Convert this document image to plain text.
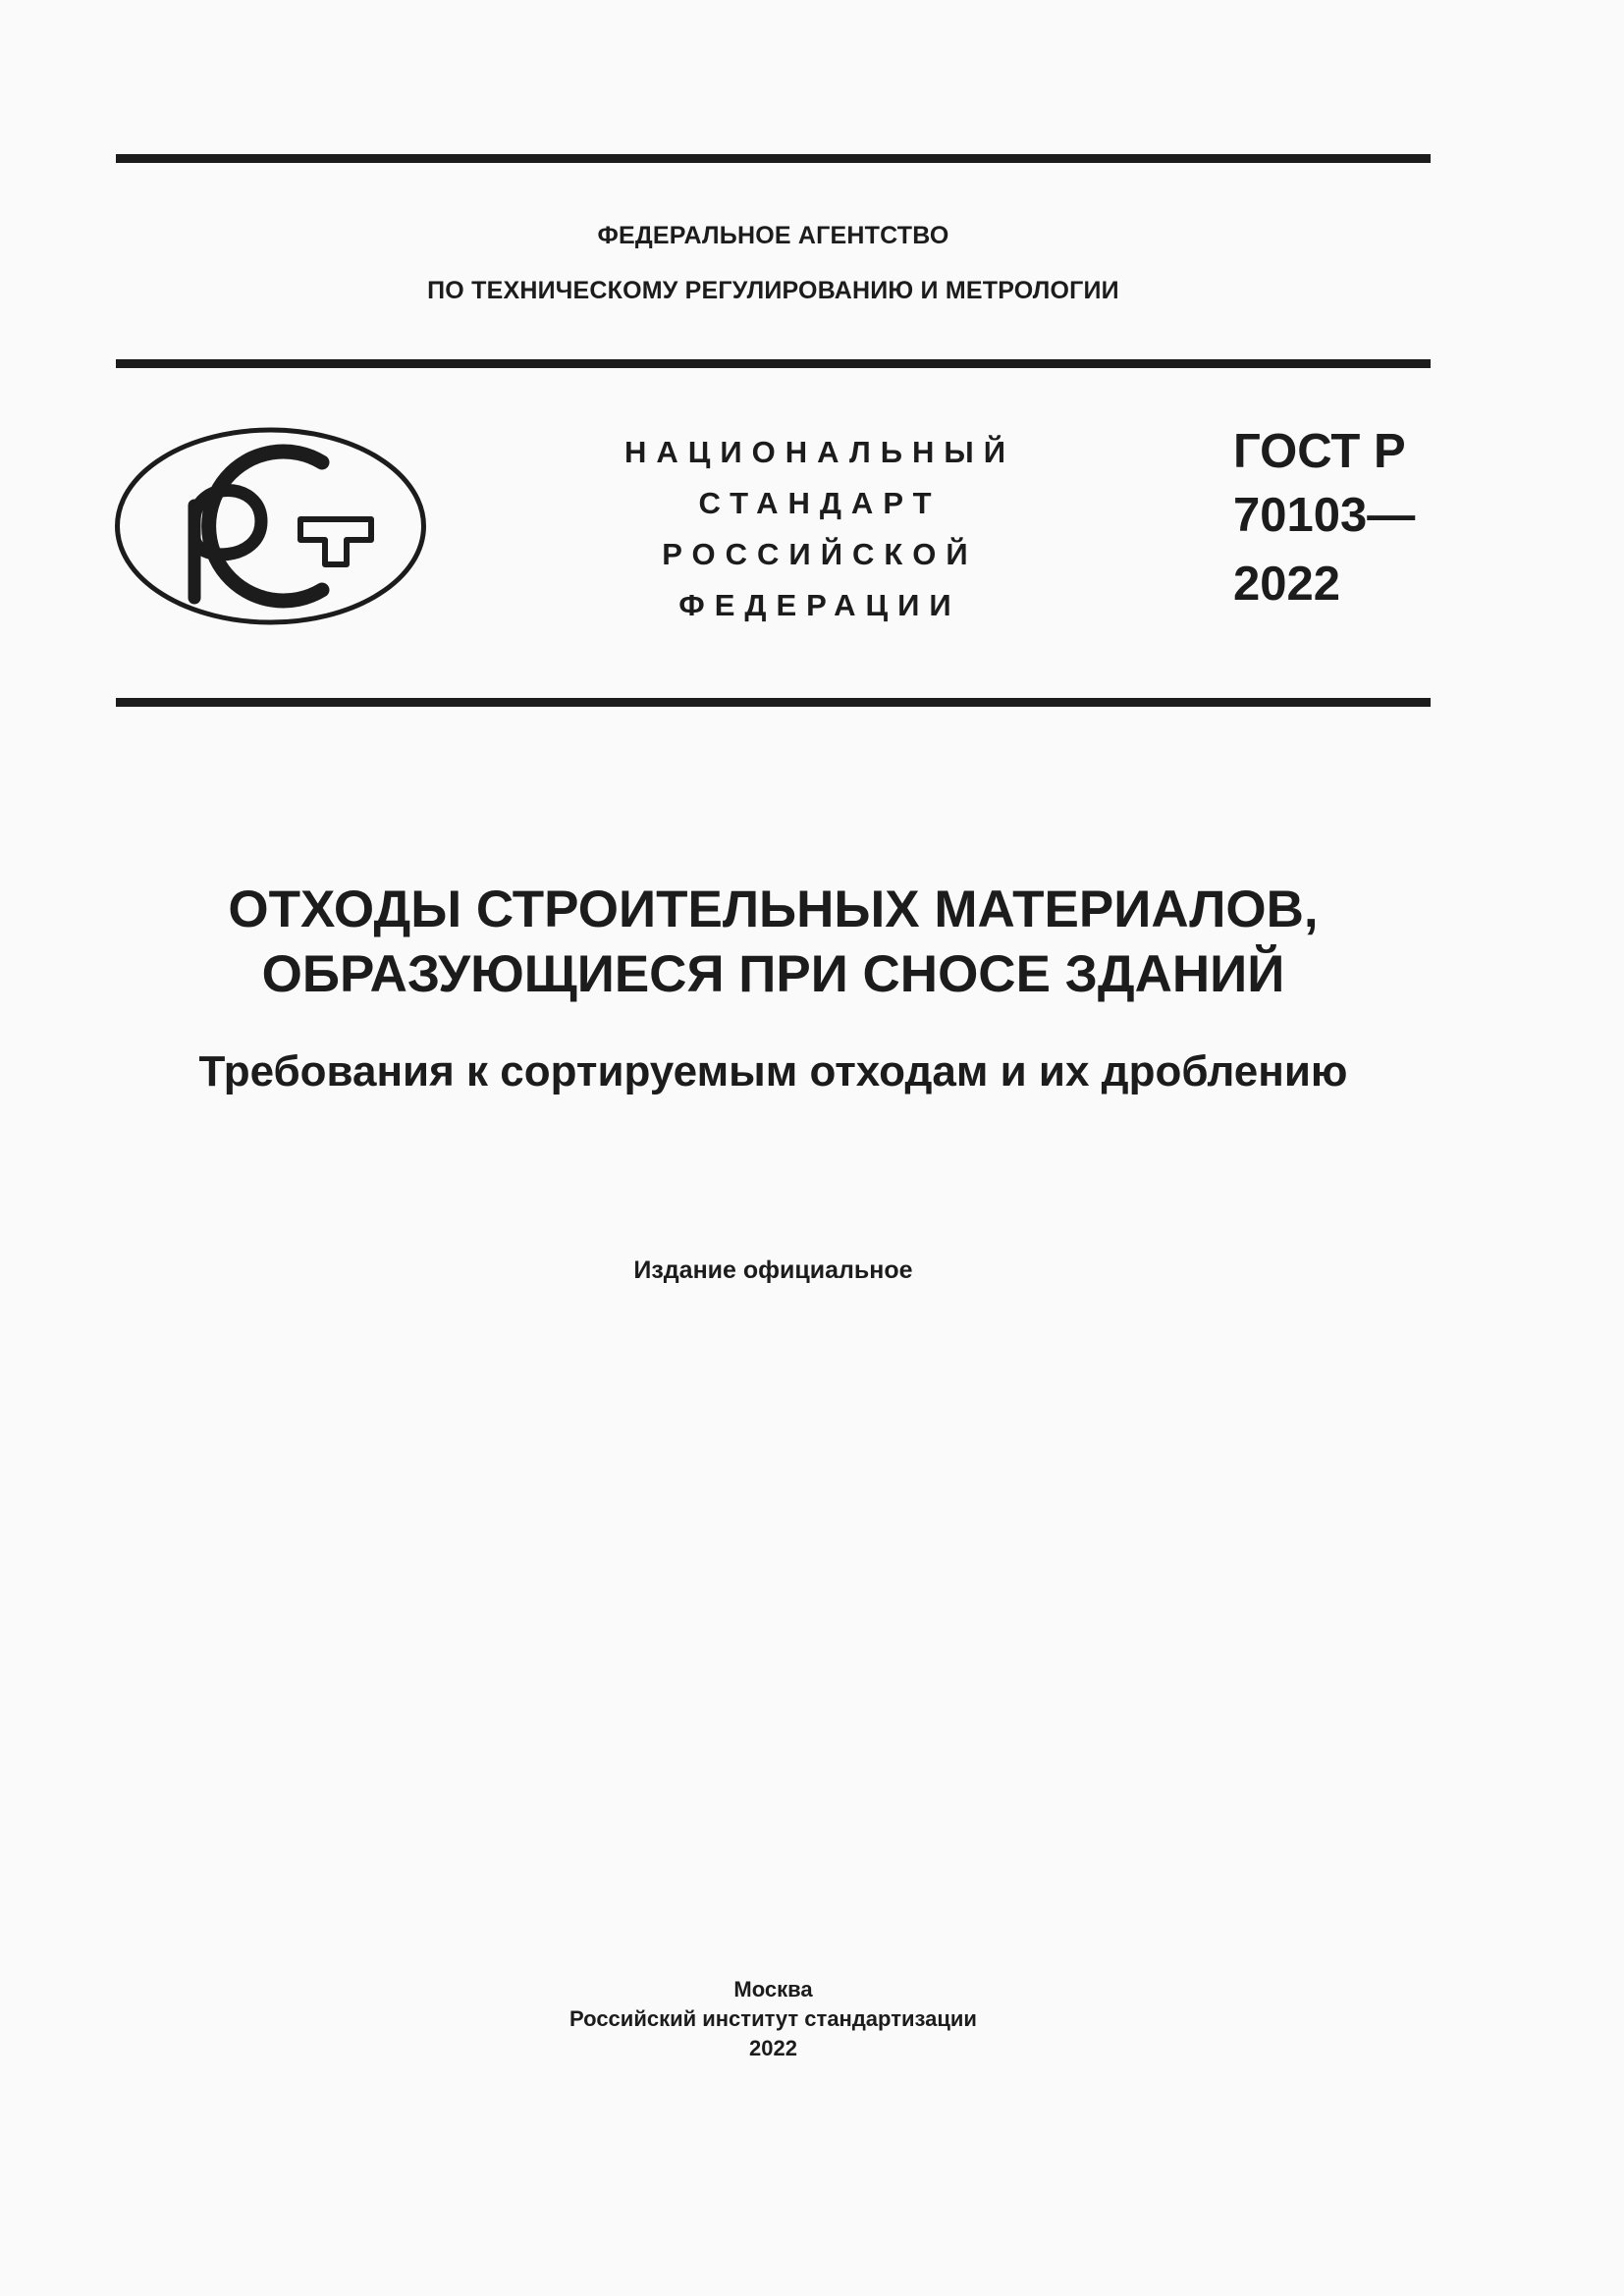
ФЕДЕРАЛЬНОЕ АГЕНТСТВО
ПО ТЕХНИЧЕСКОМУ РЕГУЛИРОВАНИЮ И МЕТРОЛОГИИ
НАЦИОНАЛЬНЫЙ
СТАНДАРТ
РОССИЙСКОЙ
ФЕДЕРАЦИИ
ГОСТ Р
70103—
2022
ОТХОДЫ СТРОИТЕЛЬНЫХ МАТЕРИАЛОВ,
ОБРАЗУЮЩИЕСЯ ПРИ СНОСЕ ЗДАНИЙ
Требования к сортируемым отходам и их дроблению
Издание официальное
Москва
Российский институт стандартизации
2022
